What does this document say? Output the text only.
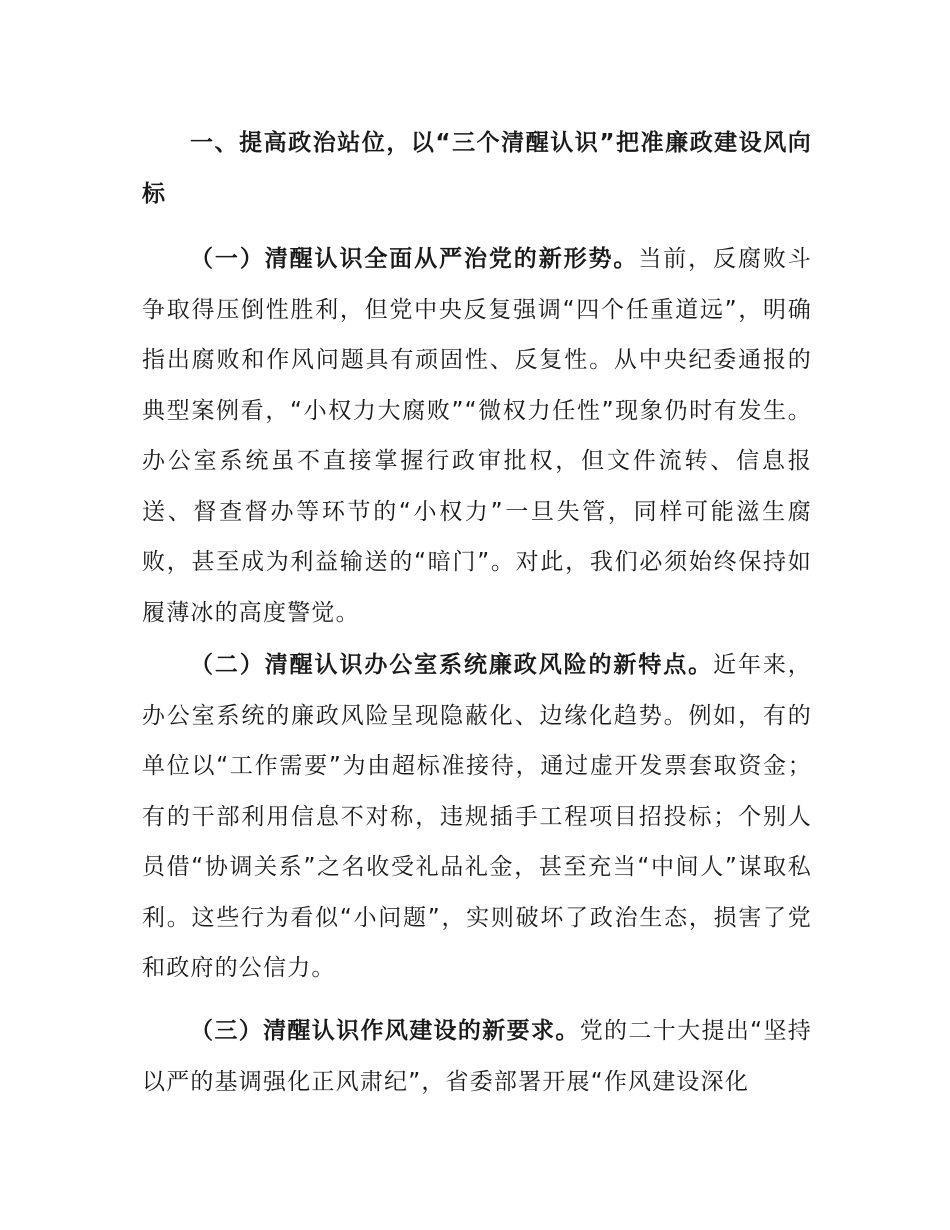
一、提高政治站位，以“三个清醒认识”把准廉政建设风向标

（一）清醒认识全面从严治党的新形势。当前，反腐败斗争取得压倒性胜利，但党中央反复强调“四个任重道远”，明确指出腐败和作风问题具有顽固性、反复性。从中央纪委通报的典型案例看，“小权力大腐败”“微权力任性”现象仍时有发生。办公室系统虽不直接掌握行政审批权，但文件流转、信息报送、督查督办等环节的“小权力”一旦失管，同样可能滋生腐败，甚至成为利益输送的“暗门”。对此，我们必须始终保持如履薄冰的高度警觉。

（二）清醒认识办公室系统廉政风险的新特点。近年来，办公室系统的廉政风险呈现隐蔽化、边缘化趋势。例如，有的单位以“工作需要”为由超标准接待，通过虚开发票套取资金；有的干部利用信息不对称，违规插手工程项目招投标；个别人员借“协调关系”之名收受礼品礼金，甚至充当“中间人”谋取私利。这些行为看似“小问题”，实则破坏了政治生态，损害了党和政府的公信力。

（三）清醒认识作风建设的新要求。党的二十大提出“坚持以严的基调强化正风肃纪”，省委部署开展“作风建设深化
